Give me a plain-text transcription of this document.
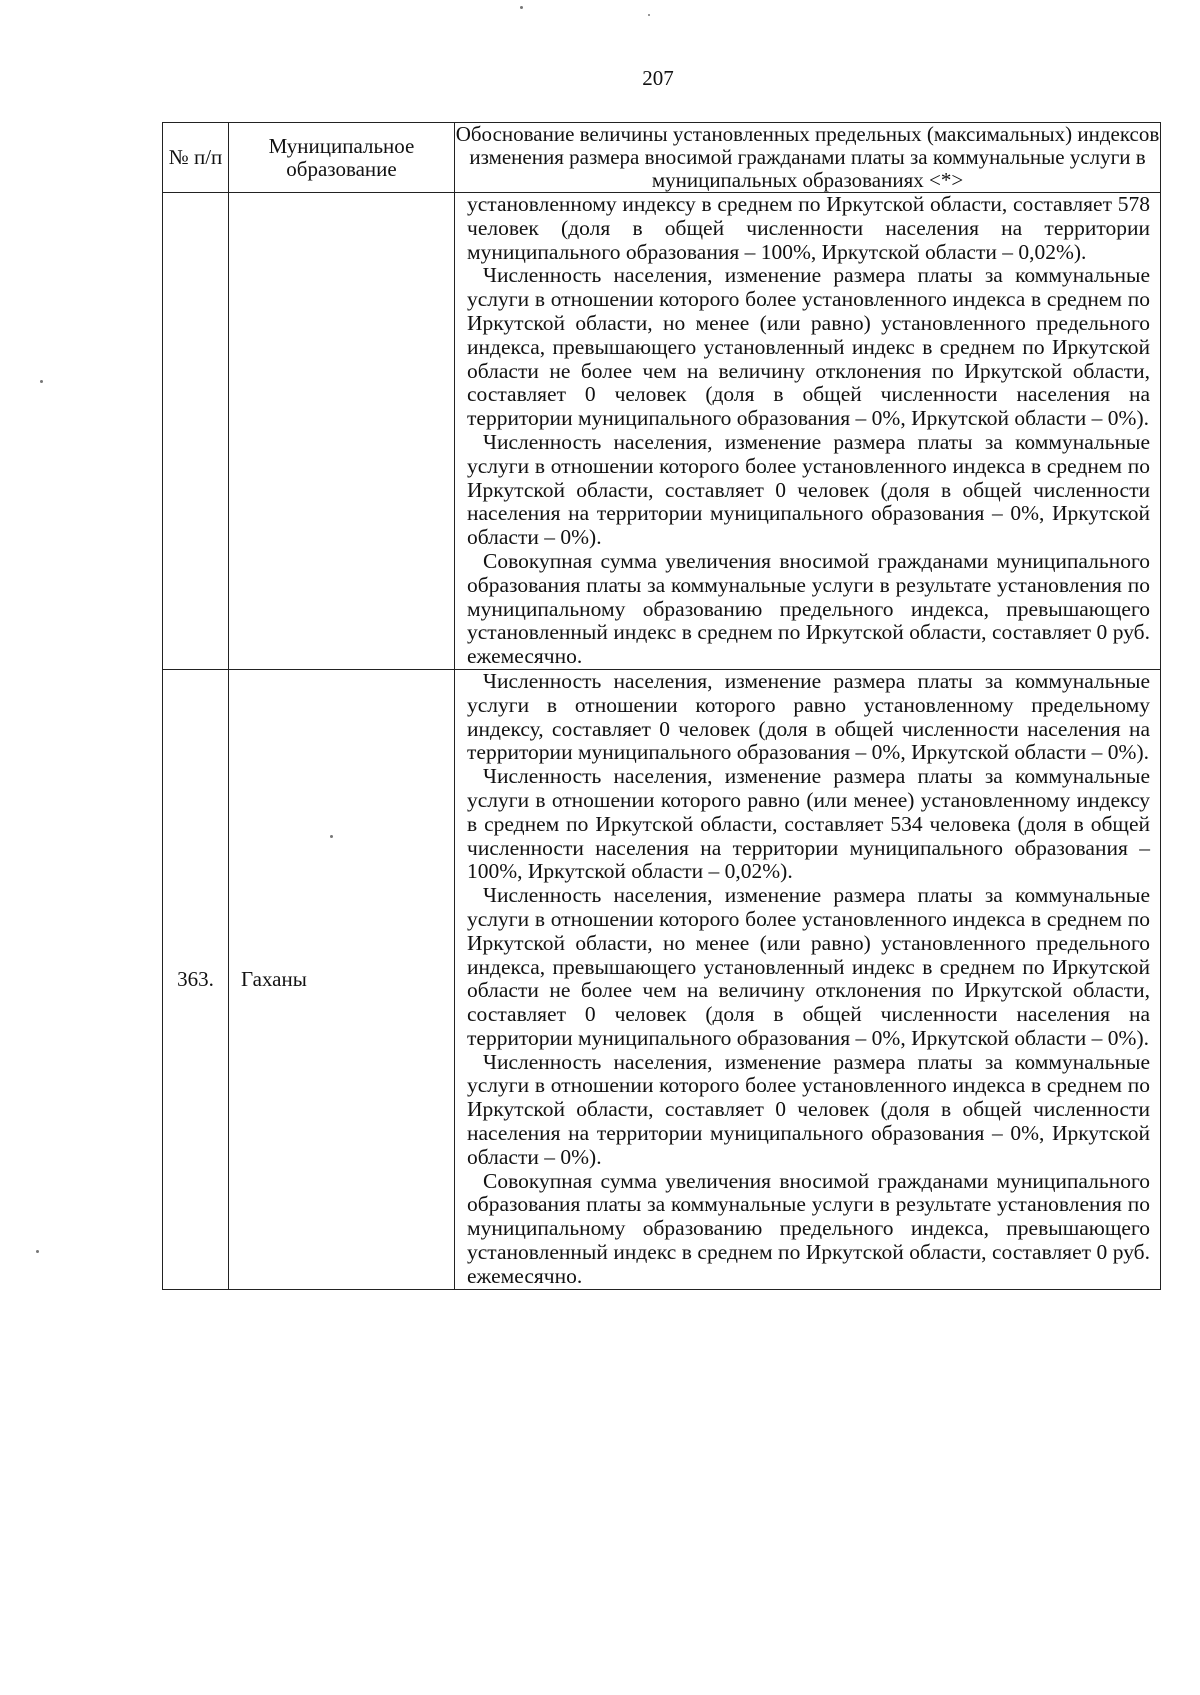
207
№ п/п	Муниципальное образование	Обоснование величины установленных предельных (максимальных) индексов изменения размера вносимой гражданами платы за коммунальные услуги в муниципальных образованиях <*>

		установленному индексу в среднем по Иркутской области, составляет 578 человек (доля в общей численности населения на территории муниципального образования – 100%, Иркутской области – 0,02%).

Численность населения, изменение размера платы за коммунальные услуги в отношении которого более установленного индекса в среднем по Иркутской области, но менее (или равно) установленного предельного индекса, превышающего установленный индекс в среднем по Иркутской области не более чем на величину отклонения по Иркутской области, составляет 0 человек (доля в общей численности населения на территории муниципального образования – 0%, Иркутской области – 0%).

Численность населения, изменение размера платы за коммунальные услуги в отношении которого более установленного индекса в среднем по Иркутской области, составляет 0 человек (доля в общей численности населения на территории муниципального образования – 0%, Иркутской области – 0%).

Совокупная сумма увеличения вносимой гражданами муниципального образования платы за коммунальные услуги в результате установления по муниципальному образованию предельного индекса, превышающего установленный индекс в среднем по Иркутской области, составляет 0 руб. ежемесячно.

363.	Гаханы	Численность населения, изменение размера платы за коммунальные услуги в отношении которого равно установленному предельному индексу, составляет 0 человек (доля в общей численности населения на территории муниципального образования – 0%, Иркутской области – 0%).

Численность населения, изменение размера платы за коммунальные услуги в отношении которого равно (или менее) установленному индексу в среднем по Иркутской области, составляет 534 человека (доля в общей численности населения на территории муниципального образования – 100%, Иркутской области – 0,02%).

Численность населения, изменение размера платы за коммунальные услуги в отношении которого более установленного индекса в среднем по Иркутской области, но менее (или равно) установленного предельного индекса, превышающего установленный индекс в среднем по Иркутской области не более чем на величину отклонения по Иркутской области, составляет 0 человек (доля в общей численности населения на территории муниципального образования – 0%, Иркутской области – 0%).

Численность населения, изменение размера платы за коммунальные услуги в отношении которого более установленного индекса в среднем по Иркутской области, составляет 0 человек (доля в общей численности населения на территории муниципального образования – 0%, Иркутской области – 0%).

Совокупная сумма увеличения вносимой гражданами муниципального образования платы за коммунальные услуги в результате установления по муниципальному образованию предельного индекса, превышающего установленный индекс в среднем по Иркутской области, составляет 0 руб. ежемесячно.
